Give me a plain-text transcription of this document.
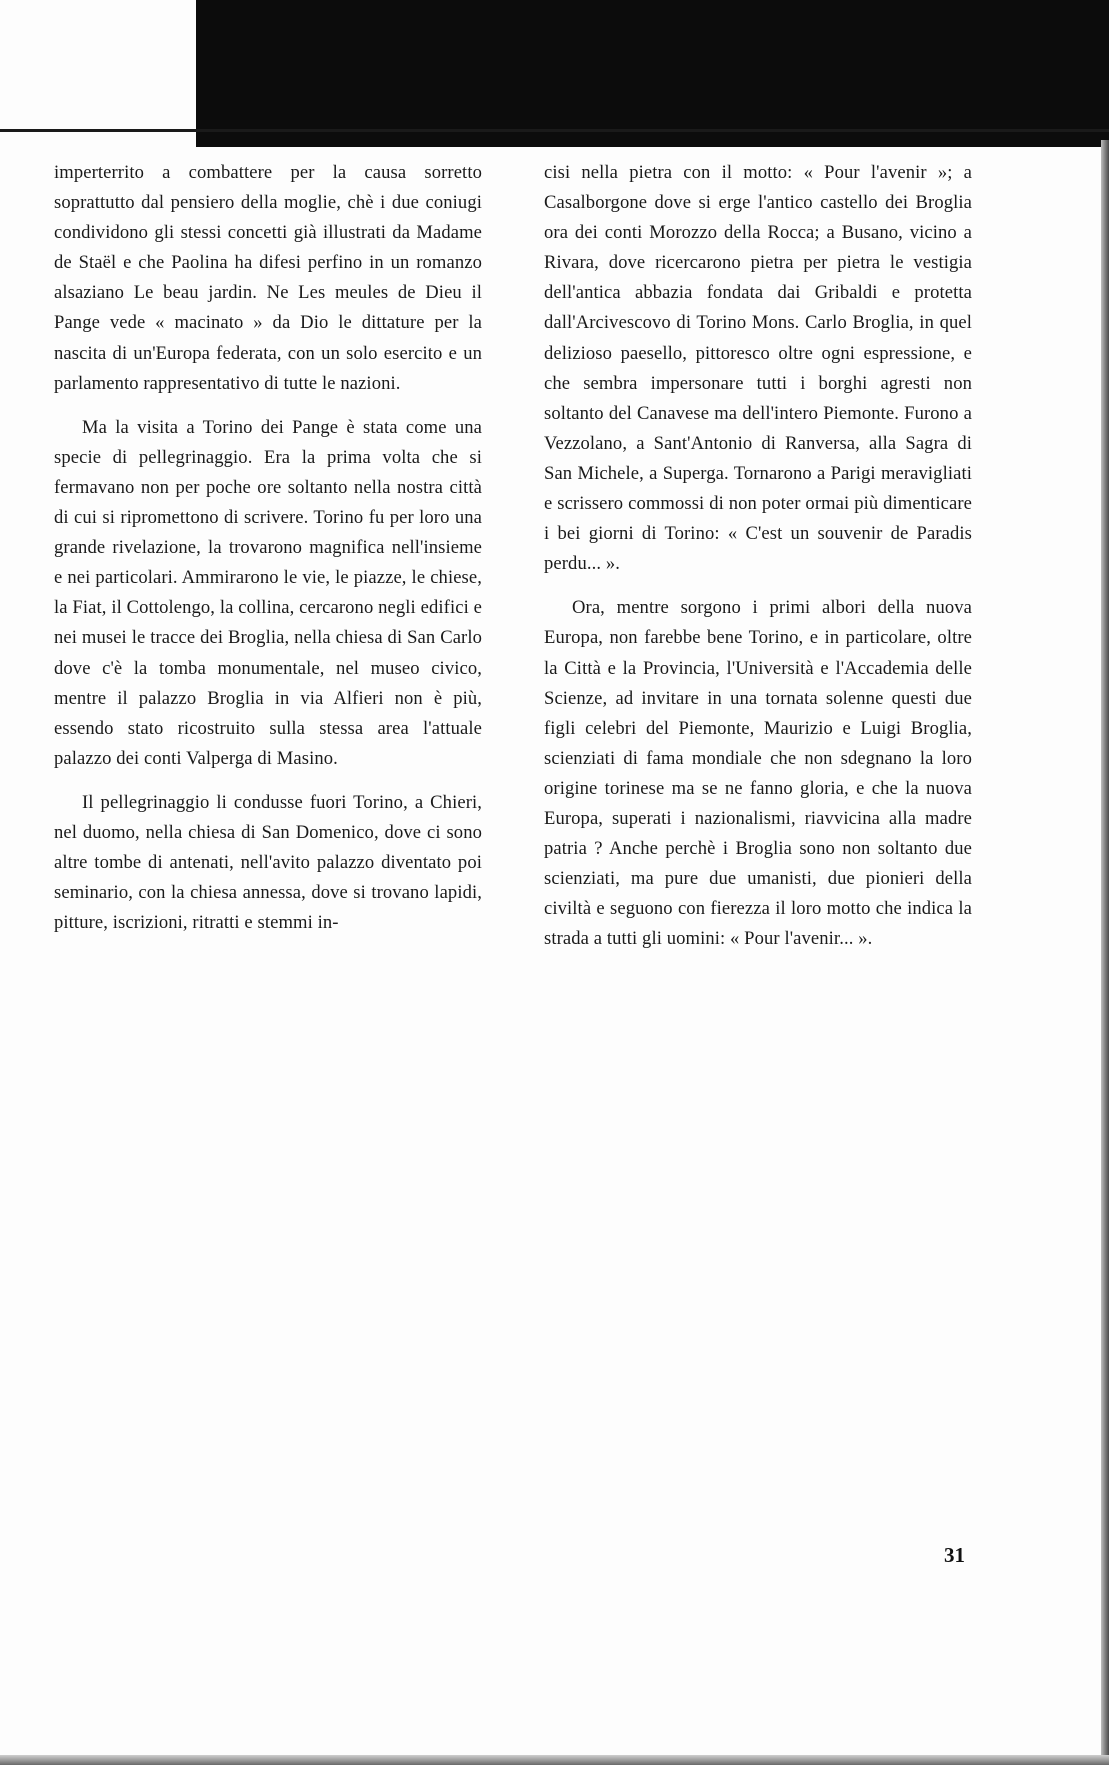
imperterrito a combattere per la causa sorretto soprattutto dal pensiero della moglie, chè i due coniugi condividono gli stessi concetti già illustrati da Madame de Staël e che Paolina ha difesi perfino in un romanzo alsaziano Le beau jardin. Ne Les meules de Dieu il Pange vede « macinato » da Dio le dittature per la nascita di un'Europa federata, con un solo esercito e un parlamento rappresentativo di tutte le nazioni.

Ma la visita a Torino dei Pange è stata come una specie di pellegrinaggio. Era la prima volta che si fermavano non per poche ore soltanto nella nostra città di cui si ripromettono di scrivere. Torino fu per loro una grande rivelazione, la trovarono magnifica nell'insieme e nei particolari. Ammirarono le vie, le piazze, le chiese, la Fiat, il Cottolengo, la collina, cercarono negli edifici e nei musei le tracce dei Broglia, nella chiesa di San Carlo dove c'è la tomba monumentale, nel museo civico, mentre il palazzo Broglia in via Alfieri non è più, essendo stato ricostruito sulla stessa area l'attuale palazzo dei conti Valperga di Masino.

Il pellegrinaggio li condusse fuori Torino, a Chieri, nel duomo, nella chiesa di San Domenico, dove ci sono altre tombe di antenati, nell'avito palazzo diventato poi seminario, con la chiesa annessa, dove si trovano lapidi, pitture, iscrizioni, ritratti e stemmi in-

cisi nella pietra con il motto: « Pour l'avenir »; a Casalborgone dove si erge l'antico castello dei Broglia ora dei conti Morozzo della Rocca; a Busano, vicino a Rivara, dove ricercarono pietra per pietra le vestigia dell'antica abbazia fondata dai Gribaldi e protetta dall'Arcivescovo di Torino Mons. Carlo Broglia, in quel delizioso paesello, pittoresco oltre ogni espressione, e che sembra impersonare tutti i borghi agresti non soltanto del Canavese ma dell'intero Piemonte. Furono a Vezzolano, a Sant'Antonio di Ranversa, alla Sagra di San Michele, a Superga. Tornarono a Parigi meravigliati e scrissero commossi di non poter ormai più dimenticare i bei giorni di Torino: « C'est un souvenir de Paradis perdu... ».

Ora, mentre sorgono i primi albori della nuova Europa, non farebbe bene Torino, e in particolare, oltre la Città e la Provincia, l'Università e l'Accademia delle Scienze, ad invitare in una tornata solenne questi due figli celebri del Piemonte, Maurizio e Luigi Broglia, scienziati di fama mondiale che non sdegnano la loro origine torinese ma se ne fanno gloria, e che la nuova Europa, superati i nazionalismi, riavvicina alla madre patria ? Anche perchè i Broglia sono non soltanto due scienziati, ma pure due umanisti, due pionieri della civiltà e seguono con fierezza il loro motto che indica la strada a tutti gli uomini: « Pour l'avenir... ».

31
